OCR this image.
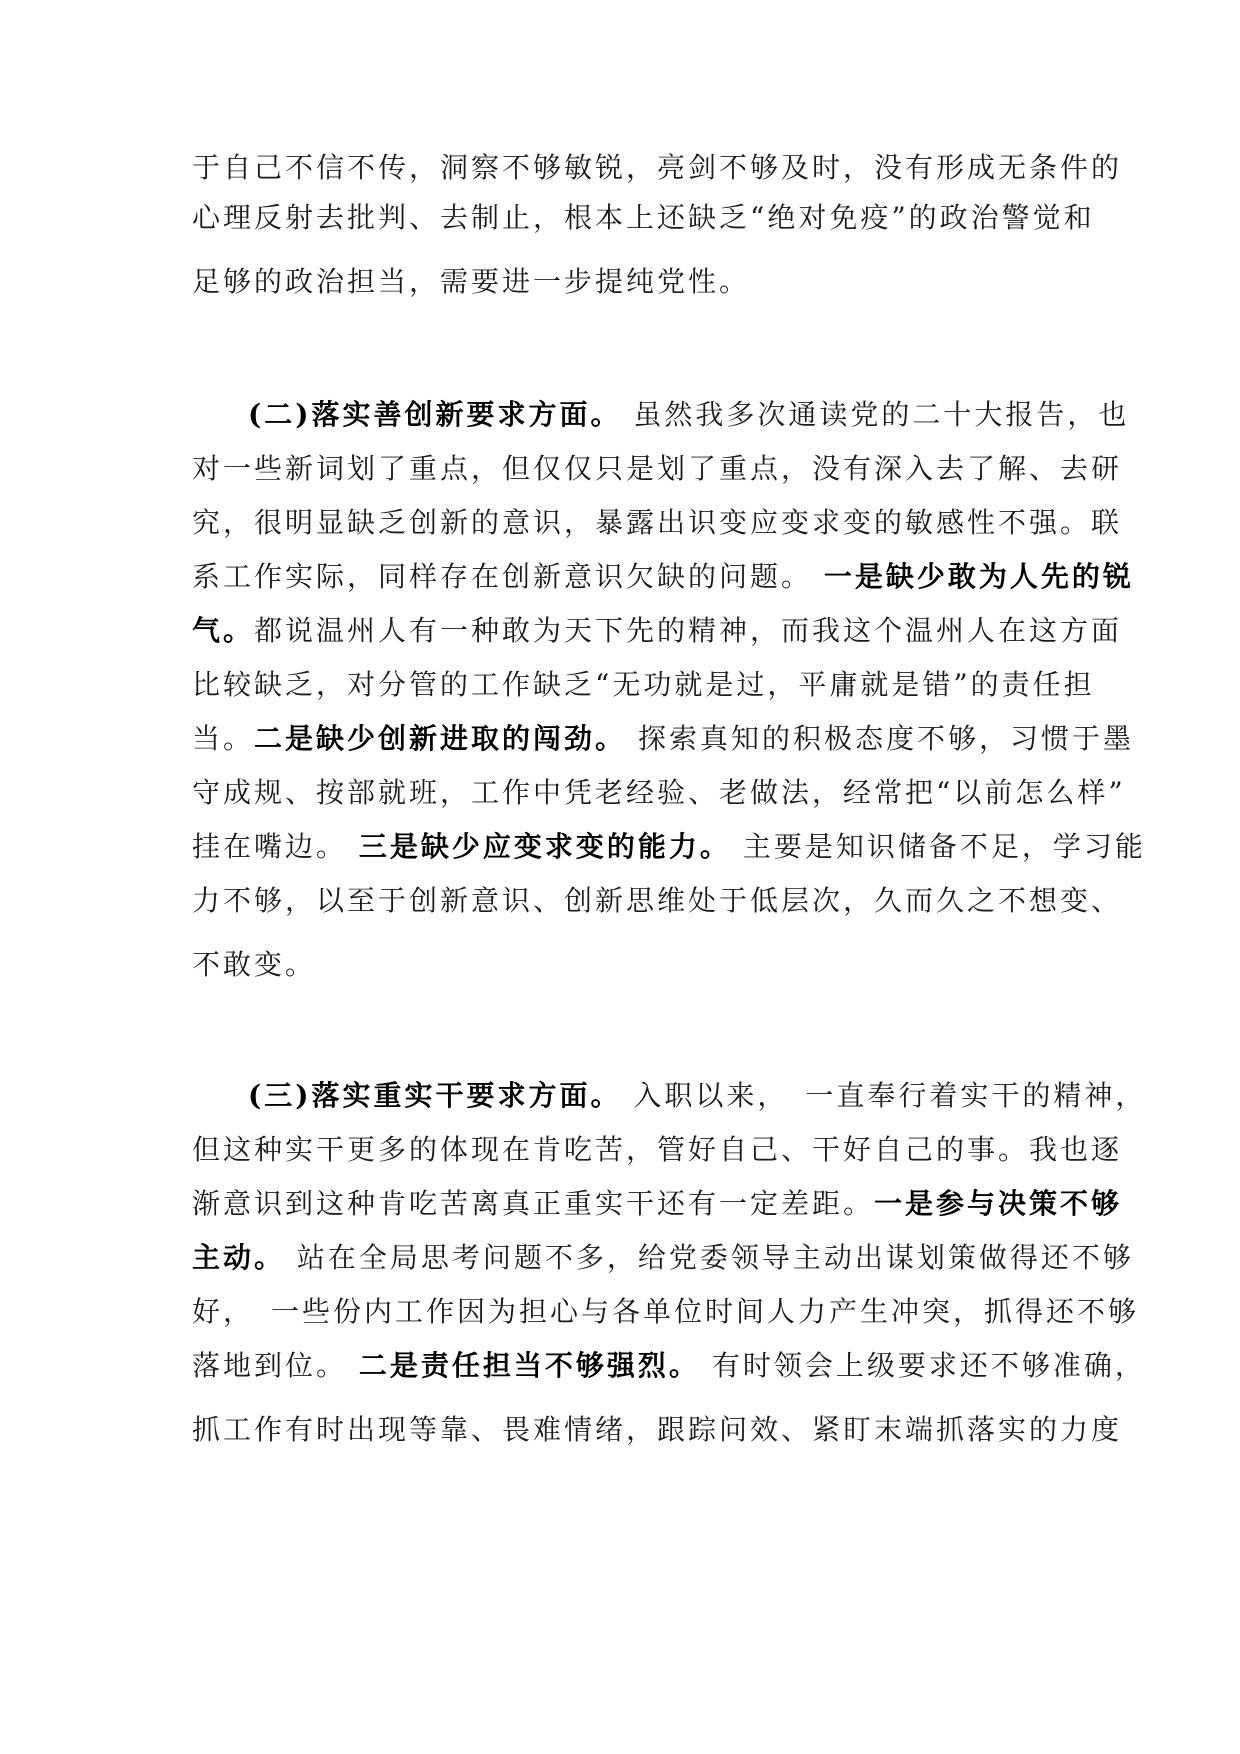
于自己不信不传，洞察不够敏锐，亮剑不够及时，没有形成无条件的
心理反射去批判、去制止，根本上还缺乏“绝对免疫”的政治警觉和
足够的政治担当，需要进一步提纯党性。
(二)落实善创新要求方面。 虽然我多次通读党的二十大报告，也
对一些新词划了重点，但仅仅只是划了重点，没有深入去了解、去研
究，很明显缺乏创新的意识，暴露出识变应变求变的敏感性不强。联
系工作实际，同样存在创新意识欠缺的问题。 一是缺少敢为人先的锐
气。都说温州人有一种敢为天下先的精神，而我这个温州人在这方面
比较缺乏，对分管的工作缺乏“无功就是过，平庸就是错”的责任担
当。二是缺少创新进取的闯劲。 探索真知的积极态度不够，习惯于墨
守成规、按部就班，工作中凭老经验、老做法，经常把“以前怎么样”
挂在嘴边。 三是缺少应变求变的能力。 主要是知识储备不足，学习能
力不够，以至于创新意识、创新思维处于低层次，久而久之不想变、
不敢变。
(三)落实重实干要求方面。 入职以来，　一直奉行着实干的精神，
但这种实干更多的体现在肯吃苦，管好自己、干好自己的事。我也逐
渐意识到这种肯吃苦离真正重实干还有一定差距。一是参与决策不够
主动。 站在全局思考问题不多，给党委领导主动出谋划策做得还不够
好，　一些份内工作因为担心与各单位时间人力产生冲突，抓得还不够
落地到位。 二是责任担当不够强烈。 有时领会上级要求还不够准确，
抓工作有时出现等靠、畏难情绪，跟踪问效、紧盯末端抓落实的力度
